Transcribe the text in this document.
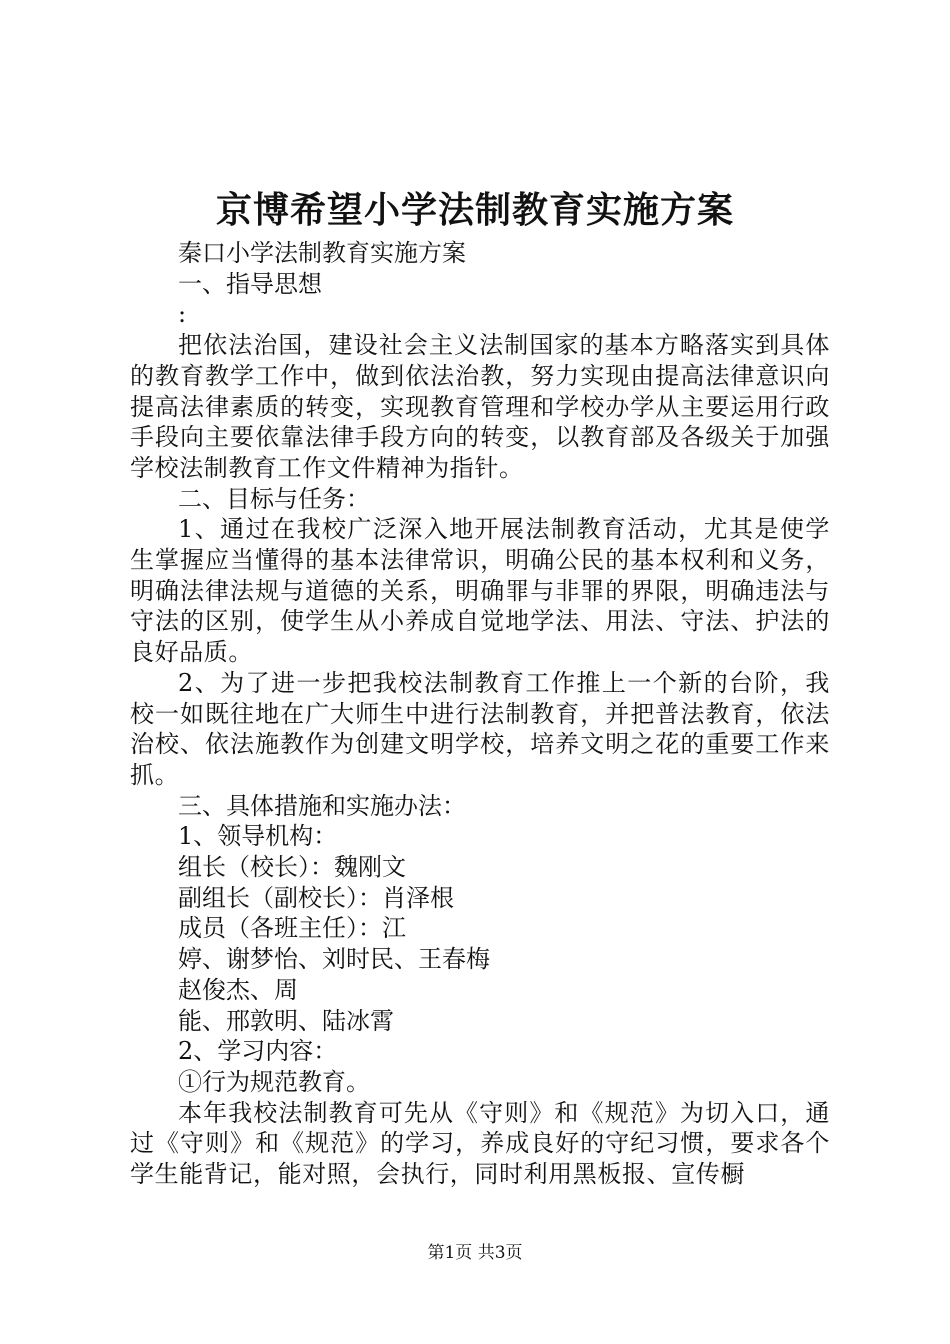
京博希望小学法制教育实施方案
秦口小学法制教育实施方案
一、指导思想
:
把依法治国，建设社会主义法制国家的基本方略落实到具体的教育教学工作中，做到依法治教，努力实现由提高法律意识向提高法律素质的转变，实现教育管理和学校办学从主要运用行政手段向主要依靠法律手段方向的转变，以教育部及各级关于加强学校法制教育工作文件精神为指针。
二、目标与任务：
1、通过在我校广泛深入地开展法制教育活动，尤其是使学生掌握应当懂得的基本法律常识，明确公民的基本权利和义务，明确法律法规与道德的关系，明确罪与非罪的界限，明确违法与守法的区别，使学生从小养成自觉地学法、用法、守法、护法的良好品质。
2、为了进一步把我校法制教育工作推上一个新的台阶，我校一如既往地在广大师生中进行法制教育，并把普法教育，依法治校、依法施教作为创建文明学校，培养文明之花的重要工作来抓。
三、具体措施和实施办法：
1、领导机构：
组长（校长）：魏刚文
副组长（副校长）：肖泽根
成员（各班主任）：江
婷、谢梦怡、刘时民、王春梅
赵俊杰、周
能、邢敦明、陆冰霄
2、学习内容：
①行为规范教育。
本年我校法制教育可先从《守则》和《规范》为切入口，通过《守则》和《规范》的学习，养成良好的守纪习惯，要求各个学生能背记，能对照，会执行，同时利用黑板报、宣传橱
第1页 共3页
